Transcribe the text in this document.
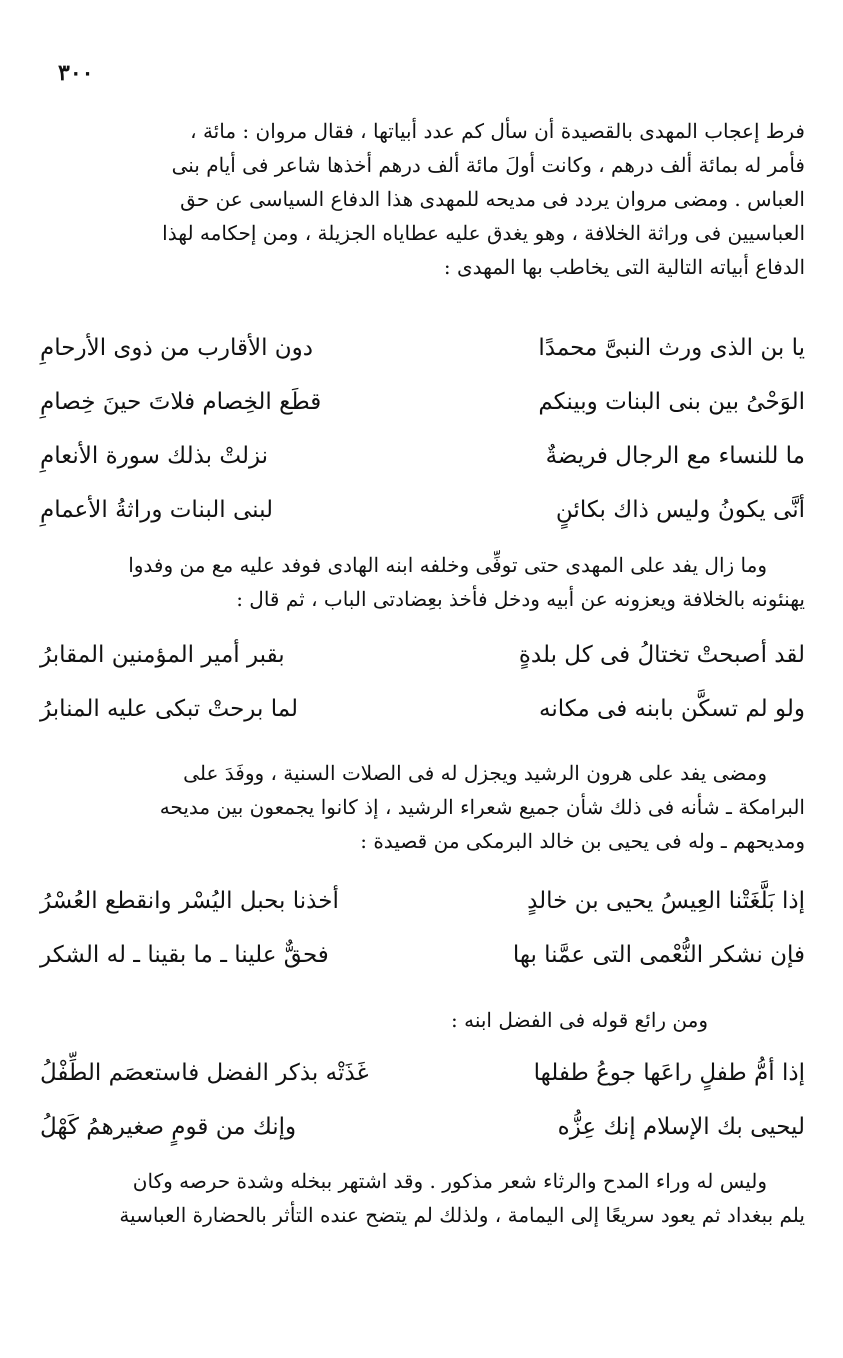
٣٠٠

فرط إعجاب المهدى بالقصيدة أن سأل كم عدد أبياتها ، فقال مروان : مائة ،

فأمر له بمائة ألف درهم ، وكانت أولَ مائة ألف درهم أخذها شاعر فى أيام بنى

العباس . ومضى مروان يردد فى مديحه للمهدى هذا الدفاع السياسى عن حق

العباسيين فى وراثة الخلافة ، وهو يغدق عليه عطاياه الجزيلة ، ومن إحكامه لهذا

الدفاع أبياته التالية التى يخاطب بها المهدى :

يا بن الذى ورث النبىَّ محمدًا
دون الأقارب من ذوى الأرحامِ
الوَحْىُ بين بنى البنات وبينكم
قطَع الخِصام فلاتَ حينَ خِصامِ
ما للنساء مع الرجال فريضةٌ
نزلتْ بذلك سورة الأنعامِ
أنَّى يكونُ وليس ذاك بكائنٍ
لبنى البنات وراثةُ الأعمامِ

وما زال يفد على المهدى حتى توفِّى وخلفه ابنه الهادى فوفد عليه مع من وفدوا

يهنئونه بالخلافة ويعزونه عن أبيه ودخل فأخذ بعِضادتى الباب ، ثم قال :

لقد أصبحتْ تختالُ فى كل بلدةٍ
بقبر أمير المؤمنين المقابرُ
ولو لم تسكَّن بابنه فى مكانه
لما برحتْ تبكى عليه المنابرُ

ومضى يفد على هرون الرشيد ويجزل له فى الصلات السنية ، ووفَدَ على

البرامكة ـ شأنه فى ذلك شأن جميع شعراء الرشيد ، إذ كانوا يجمعون بين مديحه

ومديحهم ـ وله فى يحيى بن خالد البرمكى من قصيدة :

إذا بَلَّغَتْنا العِيسُ يحيى بن خالدٍ
أخذنا بحبل اليُسْر وانقطع العُسْرُ
فإن نشكر النُّعْمى التى عمَّنا بها
فحقٌّ علينا ـ ما بقينا ـ له الشكر
ومن رائع قوله فى الفضل ابنه :
إذا أمُّ طفلٍ راعَها جوعُ طفلها
غَذَتْه بذكر الفضل فاستعصَم الطِّفْلُ
ليحيى بك الإسلام إنك عِزُّه
وإنك من قومٍ صغيرهمُ كَهْلُ

وليس له وراء المدح والرثاء شعر مذكور . وقد اشتهر ببخله وشدة حرصه وكان

يلم ببغداد ثم يعود سريعًا إلى اليمامة ، ولذلك لم يتضح عنده التأثر بالحضارة العباسية
